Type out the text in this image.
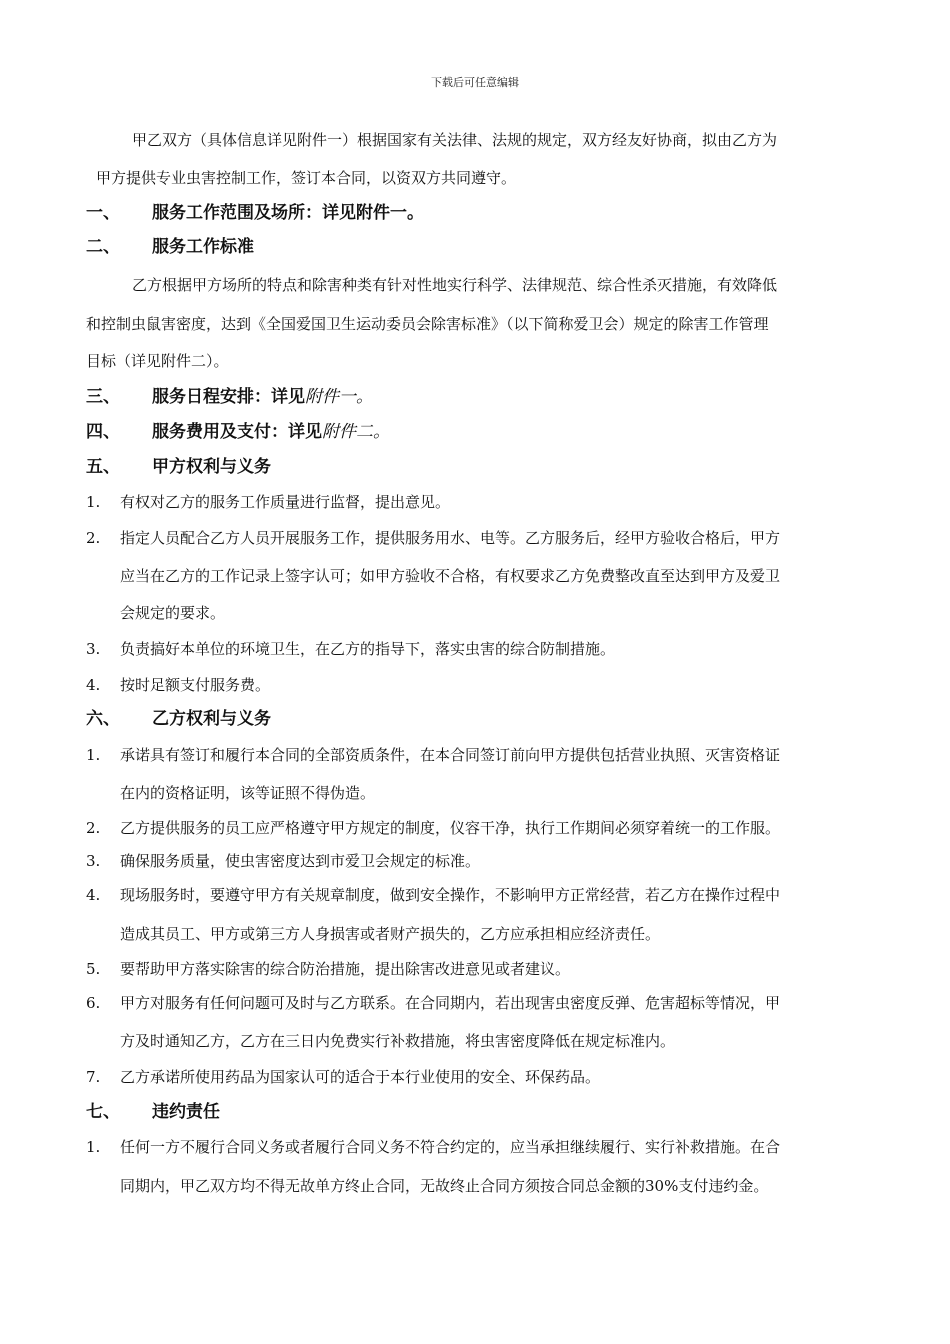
下载后可任意编辑
甲乙双方（具体信息详见附件一）根据国家有关法律、法规的规定，双方经友好协商，拟由乙方为
甲方提供专业虫害控制工作，签订本合同，以资双方共同遵守。
一、 服务工作范围及场所：详见附件一。
二、 服务工作标准
乙方根据甲方场所的特点和除害种类有针对性地实行科学、法律规范、综合性杀灭措施，有效降低
和控制虫鼠害密度，达到《全国爱国卫生运动委员会除害标准》（以下简称爱卫会）规定的除害工作管理
目标（详见附件二）。
三、 服务日程安排：详见附件一。
四、 服务费用及支付：详见附件二。
五、 甲方权利与义务
1. 有权对乙方的服务工作质量进行监督，提出意见。
2. 指定人员配合乙方人员开展服务工作，提供服务用水、电等。乙方服务后，经甲方验收合格后，甲方
应当在乙方的工作记录上签字认可；如甲方验收不合格，有权要求乙方免费整改直至达到甲方及爱卫
会规定的要求。
3. 负责搞好本单位的环境卫生，在乙方的指导下，落实虫害的综合防制措施。
4. 按时足额支付服务费。
六、 乙方权利与义务
1. 承诺具有签订和履行本合同的全部资质条件，在本合同签订前向甲方提供包括营业执照、灭害资格证
在内的资格证明，该等证照不得伪造。
2. 乙方提供服务的员工应严格遵守甲方规定的制度，仪容干净，执行工作期间必须穿着统一的工作服。
3. 确保服务质量，使虫害密度达到市爱卫会规定的标准。
4. 现场服务时，要遵守甲方有关规章制度，做到安全操作，不影响甲方正常经营，若乙方在操作过程中
造成其员工、甲方或第三方人身损害或者财产损失的，乙方应承担相应经济责任。
5. 要帮助甲方落实除害的综合防治措施，提出除害改进意见或者建议。
6. 甲方对服务有任何问题可及时与乙方联系。在合同期内，若出现害虫密度反弹、危害超标等情况，甲
方及时通知乙方，乙方在三日内免费实行补救措施，将虫害密度降低在规定标准内。
7. 乙方承诺所使用药品为国家认可的适合于本行业使用的安全、环保药品。
七、 违约责任
1. 任何一方不履行合同义务或者履行合同义务不符合约定的，应当承担继续履行、实行补救措施。在合
同期内，甲乙双方均不得无故单方终止合同，无故终止合同方须按合同总金额的30%支付违约金。
